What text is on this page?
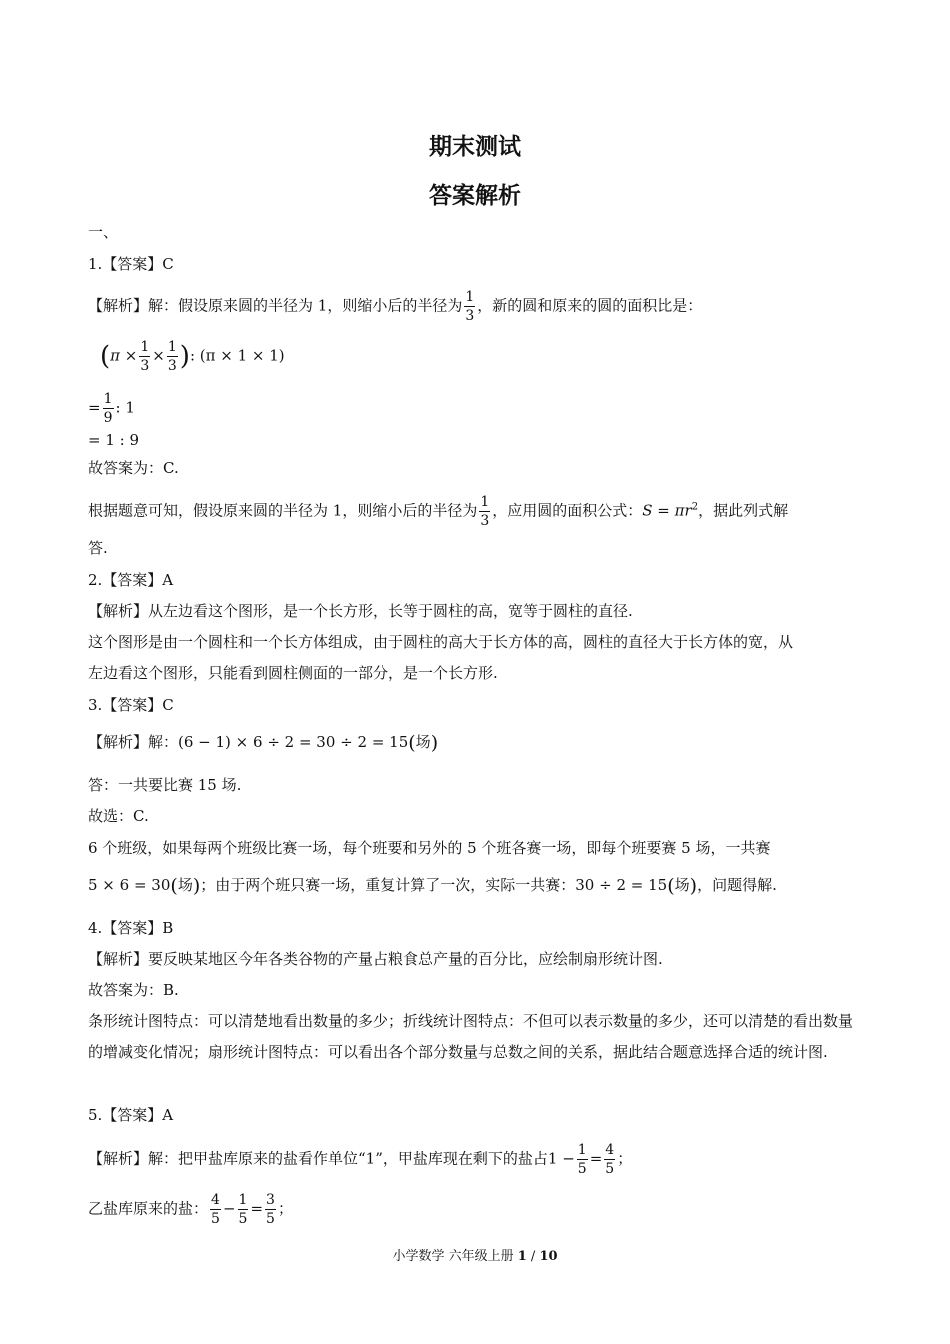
期末测试
答案解析
一、
1.【答案】C
【解析】解：假设原来圆的半径为 1，则缩小后的半径为 $\frac{1}{3}$ ，新的圆和原来的圆的面积比是：
($\pi \times \frac{1}{3} \times \frac{1}{3}$ ): (π × 1 × 1)
= $\frac{1}{9}$ : 1
= 1 : 9
故答案为：C.
根据题意可知，假设原来圆的半径为 1，则缩小后的半径为 $\frac{1}{3}$ ，应用圆的面积公式：$S = \pi r^2$，据此列式解
答.
2.【答案】A
【解析】从左边看这个图形，是一个长方形，长等于圆柱的高，宽等于圆柱的直径.
这个图形是由一个圆柱和一个长方体组成，由于圆柱的高大于长方体的高，圆柱的直径大于长方体的宽，从
左边看这个图形，只能看到圆柱侧面的一部分，是一个长方形.
3.【答案】C
【解析】解：(6 − 1) × 6 ÷ 2 = 30 ÷ 2 = 15(场)
答：一共要比赛 15 场.
故选：C.
6 个班级，如果每两个班级比赛一场，每个班要和另外的 5 个班各赛一场，即每个班要赛 5 场，一共赛
5 × 6 = 30(场)；由于两个班只赛一场，重复计算了一次，实际一共赛：30 ÷ 2 = 15(场)，问题得解.
4.【答案】B
【解析】要反映某地区今年各类谷物的产量占粮食总产量的百分比，应绘制扇形统计图.
故答案为：B.
条形统计图特点：可以清楚地看出数量的多少；折线统计图特点：不但可以表示数量的多少，还可以清楚的看出数量的增减变化情况；扇形统计图特点：可以看出各个部分数量与总数之间的关系，据此结合题意选择合适的统计图.
5.【答案】A
【解析】解：把甲盐库原来的盐看作单位“1”，甲盐库现在剩下的盐占$1 - \frac{1}{5} = \frac{4}{5}$ ；
乙盐库原来的盐： $\frac{4}{5} - \frac{1}{5} = \frac{3}{5}$ ；
小学数学 六年级上册 1 / 10
